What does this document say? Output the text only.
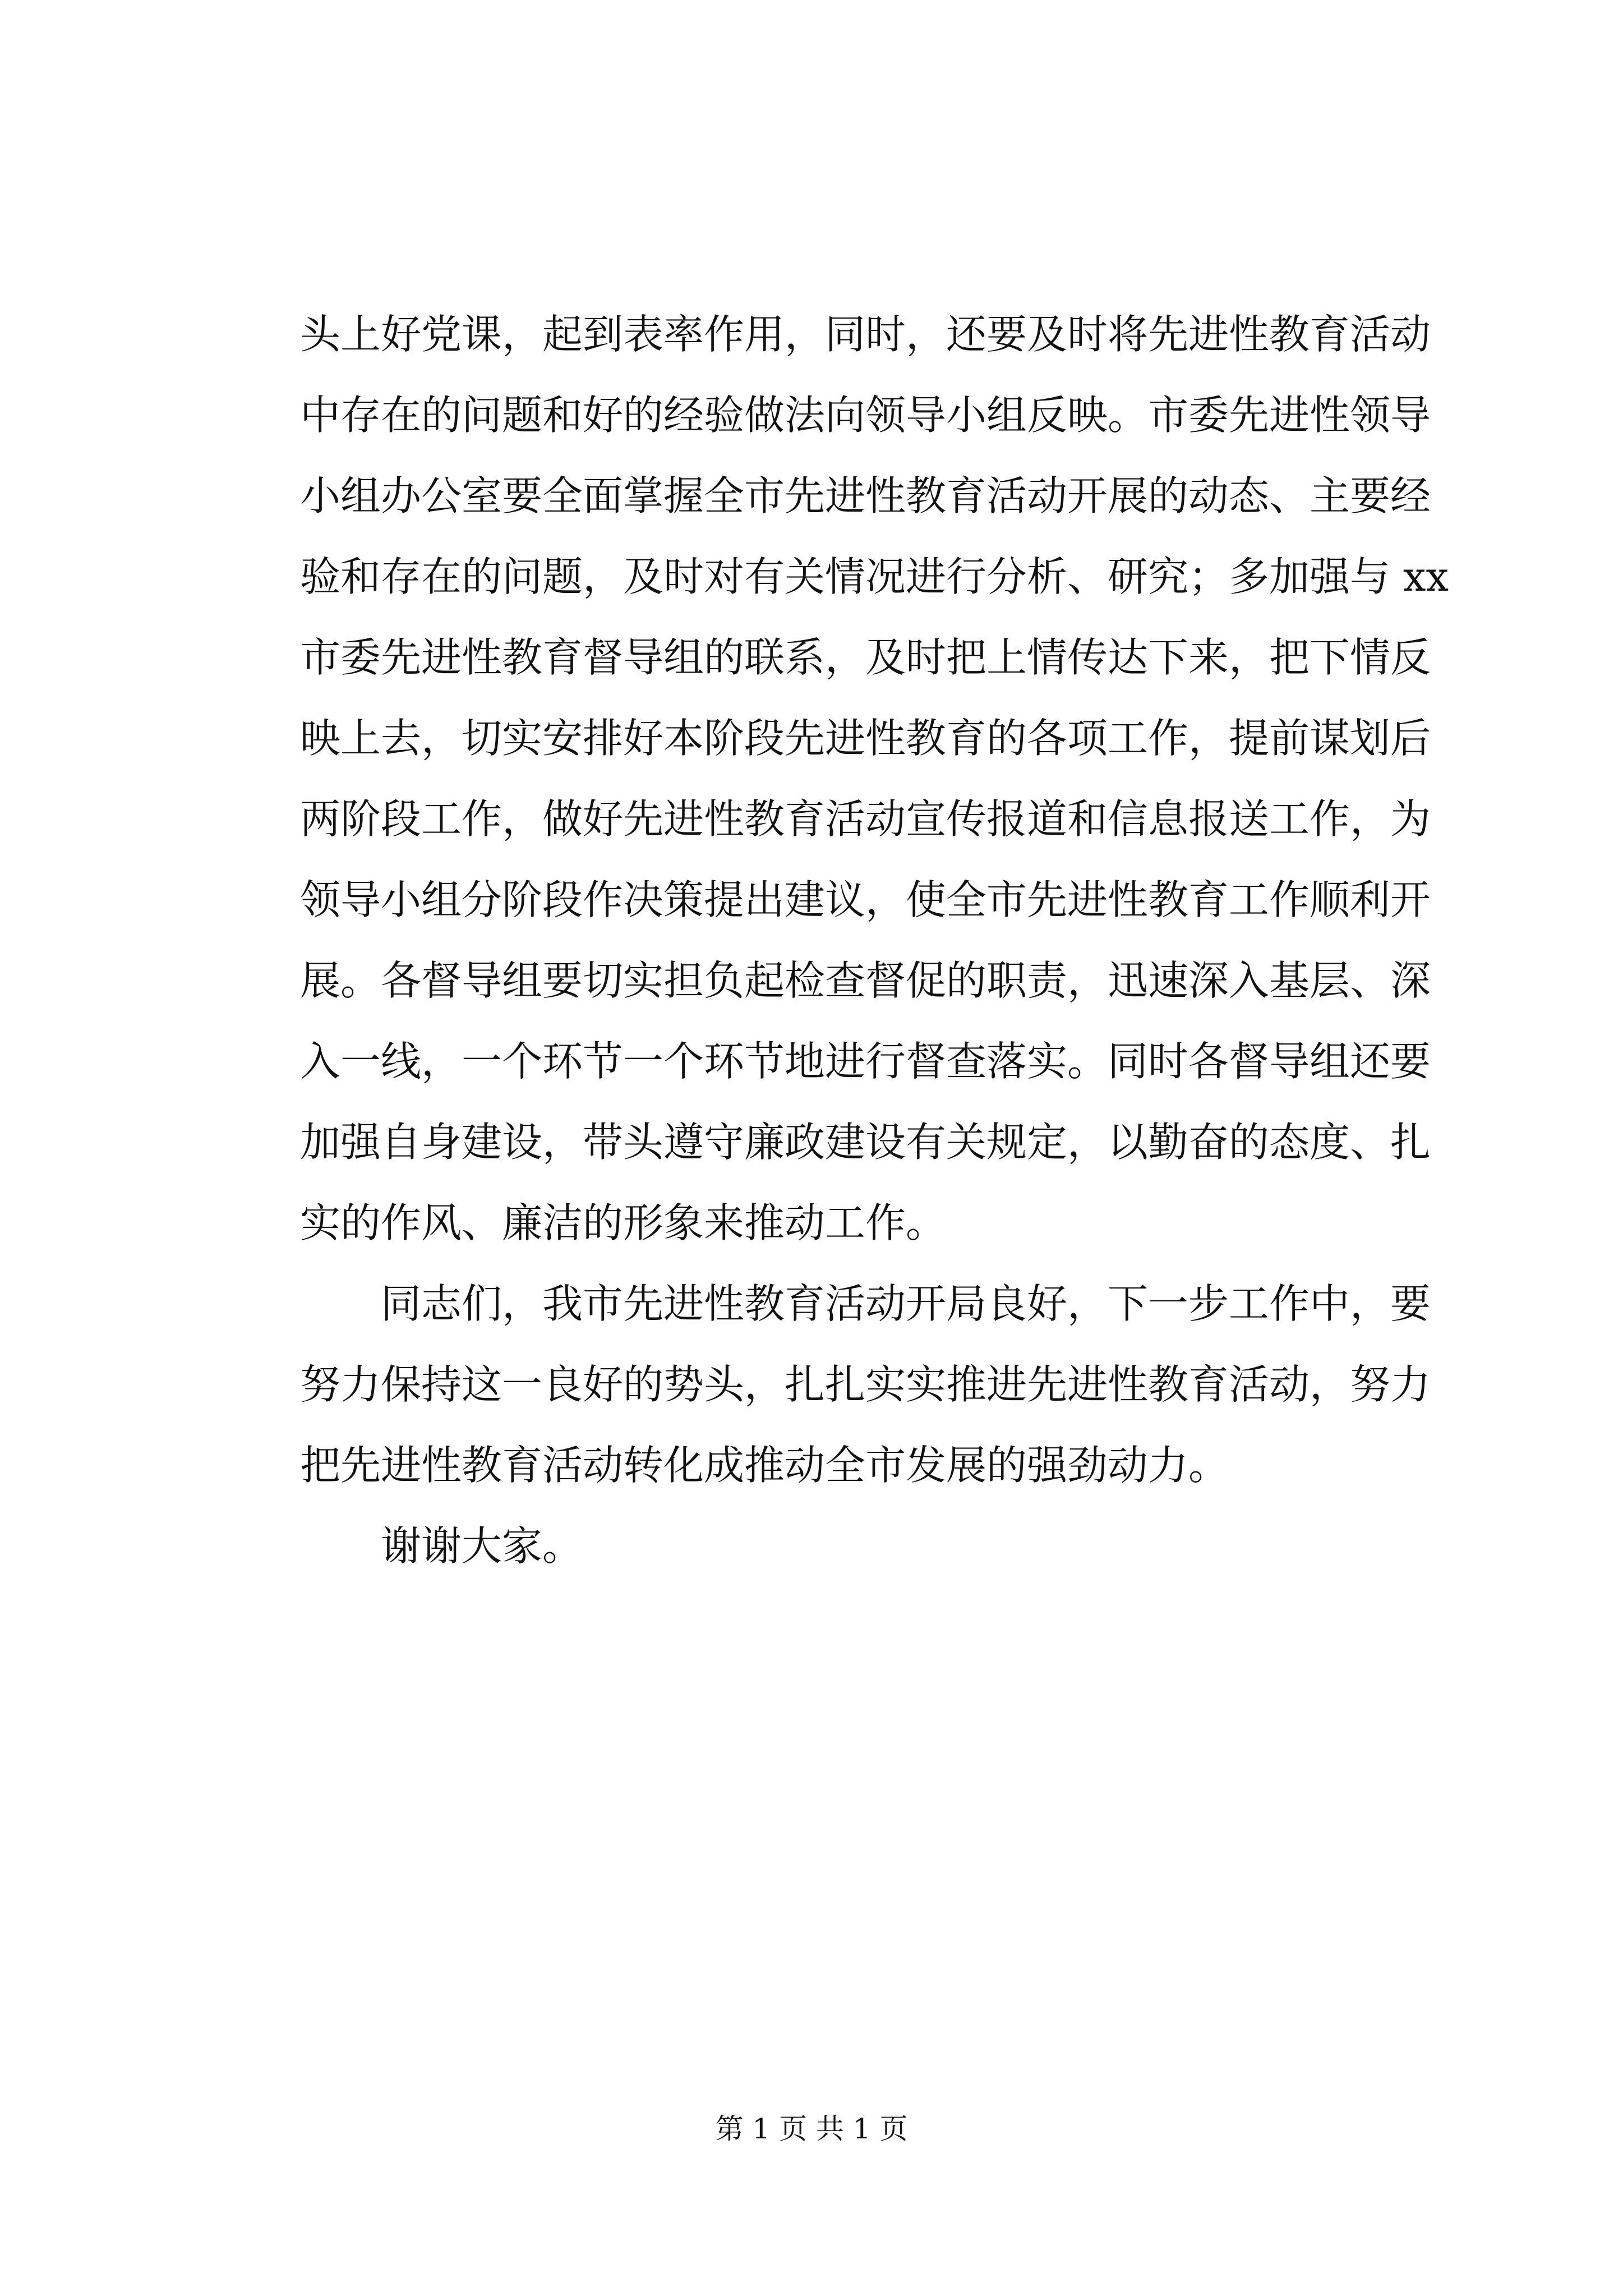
头上好党课，起到表率作用，同时，还要及时将先进性教育活动
中存在的问题和好的经验做法向领导小组反映。市委先进性领导
小组办公室要全面掌握全市先进性教育活动开展的动态、主要经
验和存在的问题，及时对有关情况进行分析、研究；多加强与 xx
市委先进性教育督导组的联系，及时把上情传达下来，把下情反
映上去，切实安排好本阶段先进性教育的各项工作，提前谋划后
两阶段工作，做好先进性教育活动宣传报道和信息报送工作，为
领导小组分阶段作决策提出建议，使全市先进性教育工作顺利开
展。各督导组要切实担负起检查督促的职责，迅速深入基层、深
入一线，一个环节一个环节地进行督查落实。同时各督导组还要
加强自身建设，带头遵守廉政建设有关规定，以勤奋的态度、扎
实的作风、廉洁的形象来推动工作。
同志们，我市先进性教育活动开局良好，下一步工作中，要
努力保持这一良好的势头，扎扎实实推进先进性教育活动，努力
把先进性教育活动转化成推动全市发展的强劲动力。
谢谢大家。
第 1 页 共 1 页
